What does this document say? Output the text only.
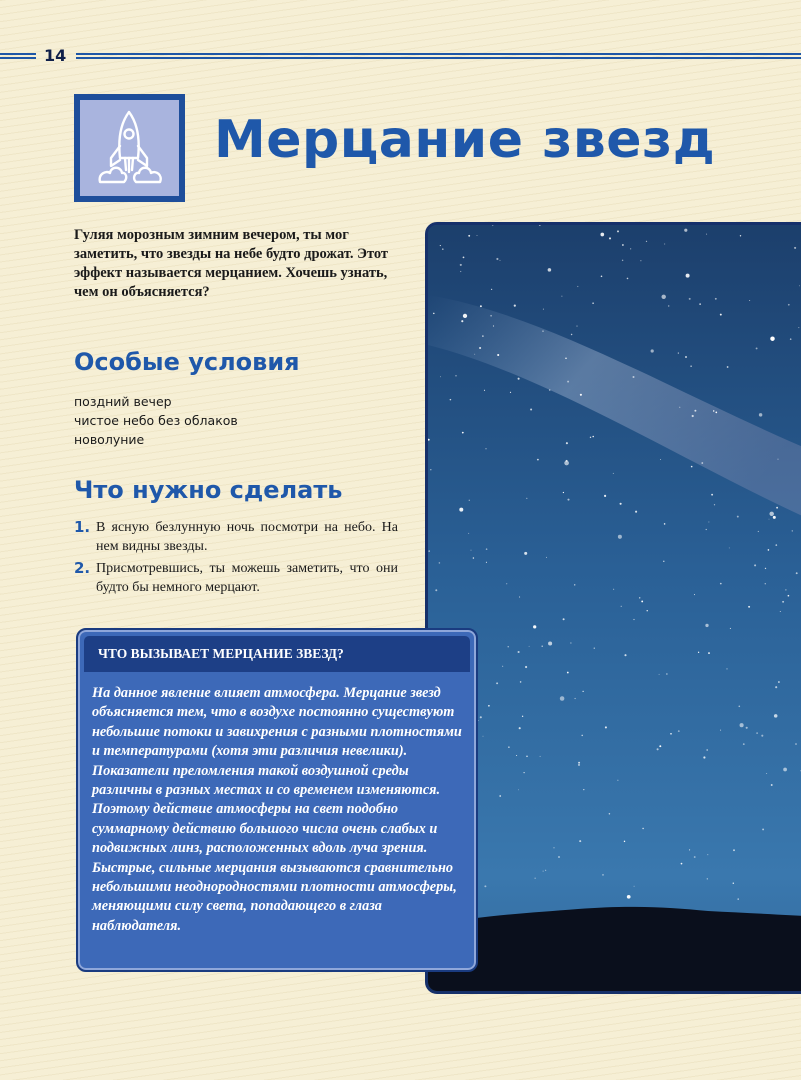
14
Мерцание звезд

Гуляя морозным зимним вечером, ты мог заметить, что звезды на небе будто дрожат. Этот эффект называется мерцанием. Хочешь узнать, чем он объясняется?

Особые условия
поздний вечер
чистое небо без облаков
новолуние
Что нужно сделать
1. В ясную безлунную ночь посмотри на небо. На нем видны звезды.
2. Присмотревшись, ты можешь заметить, что они будто бы немного мерцают.
ЧТО ВЫЗЫВАЕТ МЕРЦАНИЕ ЗВЕЗД?
На данное явление влияет атмосфера. Мерцание звезд объясняется тем, что в воздухе постоянно существуют небольшие потоки и завихрения с разными плотностями и температурами (хотя эти различия невелики). Показатели преломления такой воздушной среды различны в разных местах и со временем изменяются. Поэтому действие атмосферы на свет подобно суммарному действию большого числа очень слабых и подвижных линз, расположенных вдоль луча зрения. Быстрые, сильные мерцания вызываются сравнительно небольшими неоднородностями плотности атмосферы, меняющими силу света, попадающего в глаза наблюдателя.
